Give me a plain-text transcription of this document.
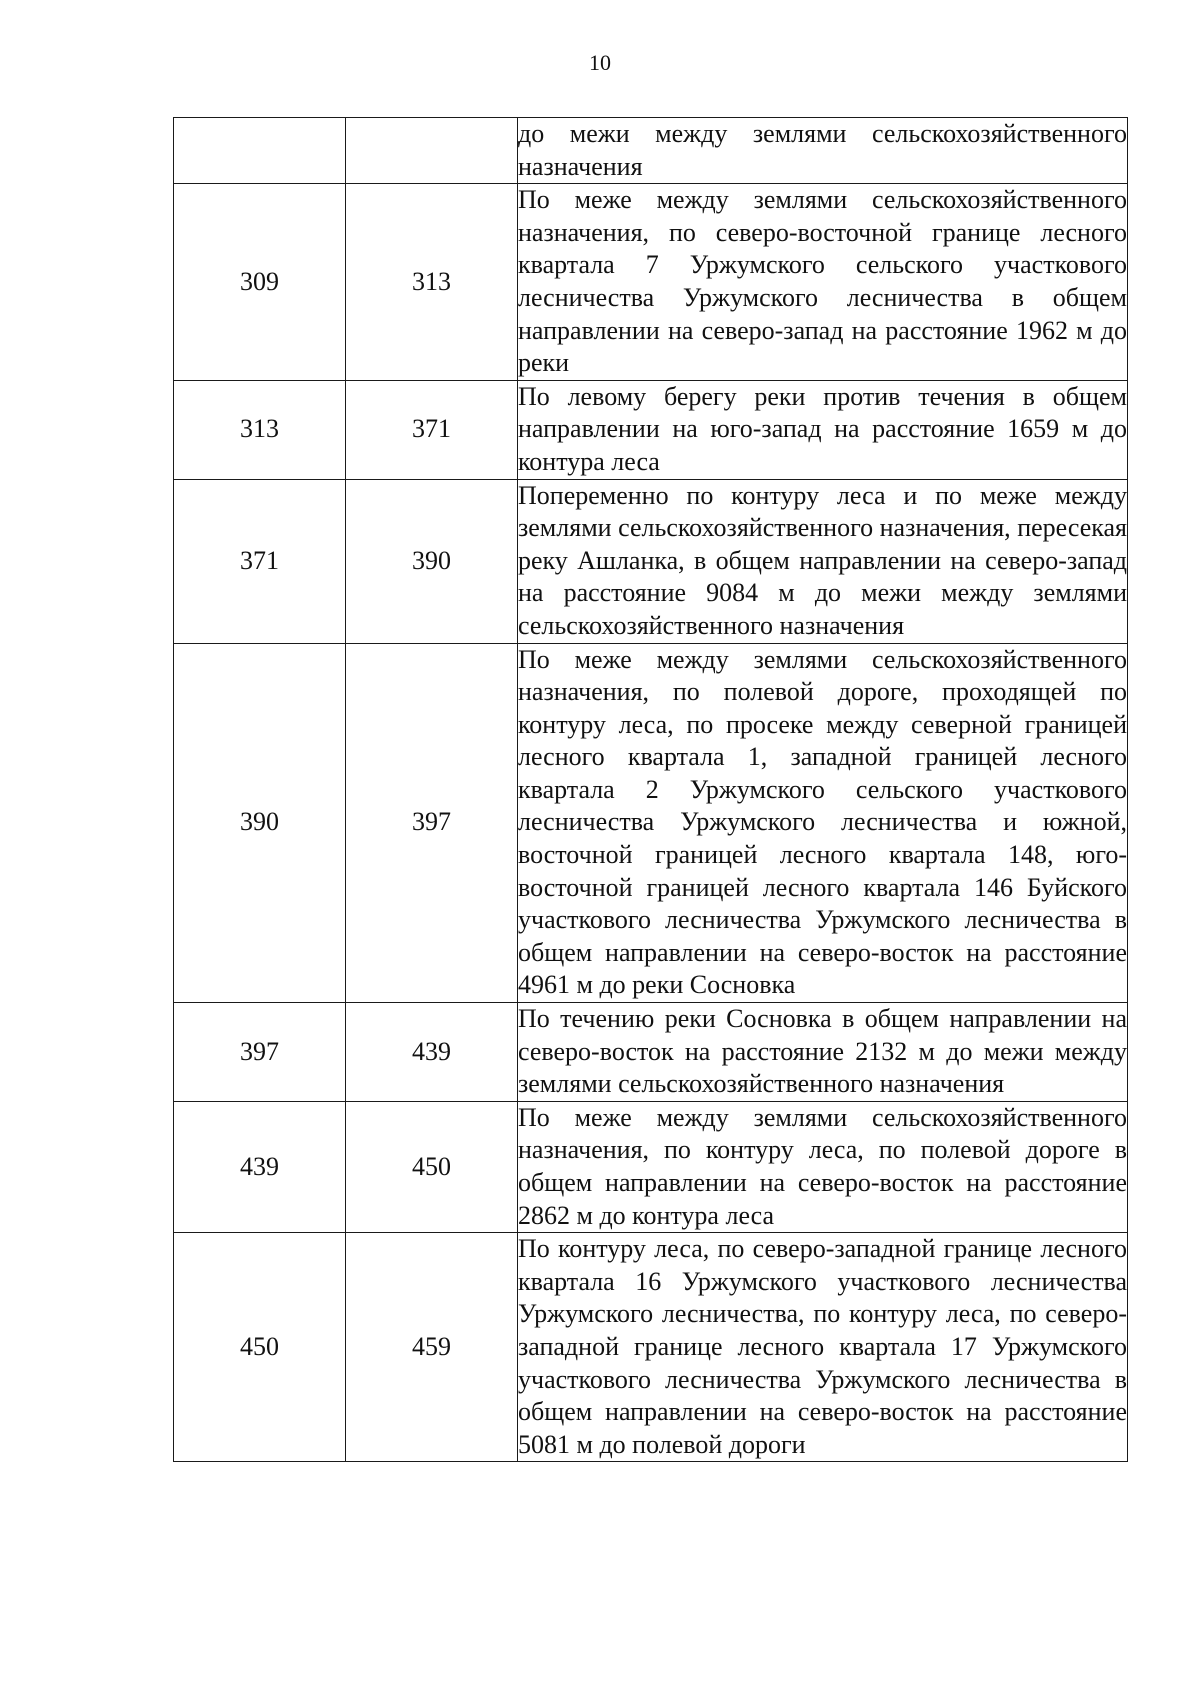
10
		до межи между землями сельскохозяйственного назначения
309	313	По меже между землями сельскохозяйственного назначения, по северо-восточной границе лесного квартала 7 Уржумского сельского участкового лесничества Уржумского лесничества в общем направлении на северо-запад на расстояние 1962 м до реки
313	371	По левому берегу реки против течения в общем направлении на юго-запад на расстояние 1659 м до контура леса
371	390	Попеременно по контуру леса и по меже между землями сельскохозяйственного назначения, пересекая реку Ашланка, в общем направлении на северо-запад на расстояние 9084 м до межи между землями сельскохозяйственного назначения
390	397	По меже между землями сельскохозяйственного назначения, по полевой дороге, проходящей по контуру леса, по просеке между северной границей лесного квартала 1, западной границей лесного квартала 2 Уржумского сельского участкового лесничества Уржумского лесничества и южной, восточной границей лесного квартала 148, юго-восточной границей лесного квартала 146 Буйского участкового лесничества Уржумского лесничества в общем направлении на северо-восток на расстояние 4961 м до реки Сосновка
397	439	По течению реки Сосновка в общем направлении на северо-восток на расстояние 2132 м до межи между землями сельскохозяйственного назначения
439	450	По меже между землями сельскохозяйственного назначения, по контуру леса, по полевой дороге в общем направлении на северо-восток на расстояние 2862 м до контура леса
450	459	По контуру леса, по северо-западной границе лесного квартала 16 Уржумского участкового лесничества Уржумского лесничества, по контуру леса, по северо-западной границе лесного квартала 17 Уржумского участкового лесничества Уржумского лесничества в общем направлении на северо-восток на расстояние 5081 м до полевой дороги
